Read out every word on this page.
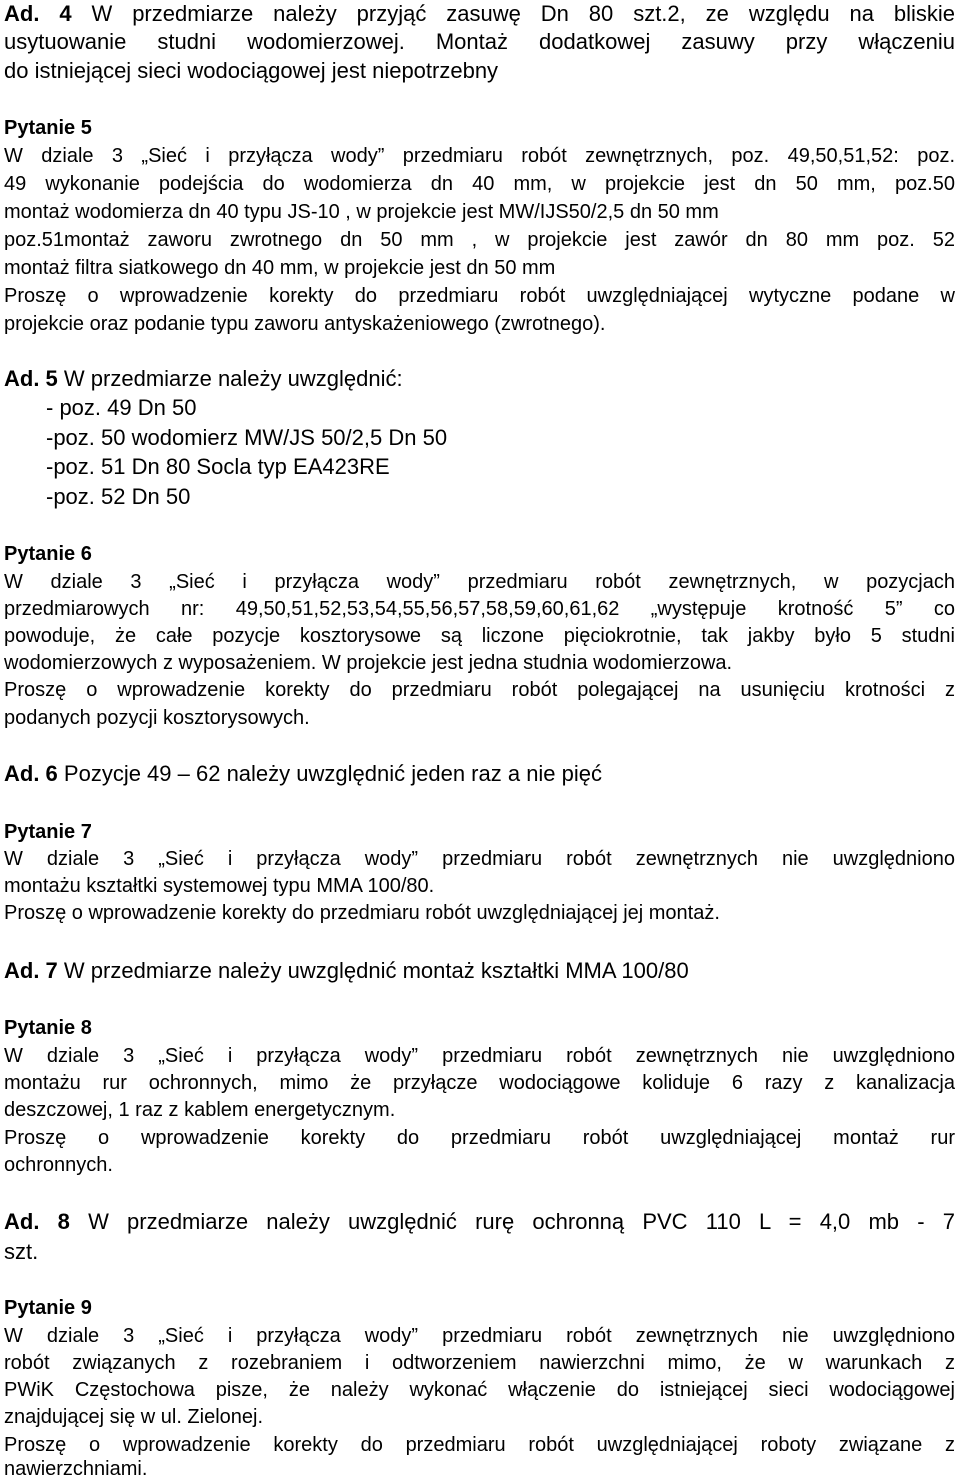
Ad. 4 W przedmiarze należy przyjąć zasuwę Dn 80 szt.2, ze względu na bliskie
usytuowanie studni wodomierzowej. Montaż dodatkowej zasuwy przy włączeniu
do istniejącej sieci wodociągowej jest niepotrzebny
Pytanie 5
W dziale 3 „Sieć i przyłącza wody” przedmiaru robót zewnętrznych, poz. 49,50,51,52: poz.
49 wykonanie podejścia do wodomierza dn 40 mm, w projekcie jest dn 50 mm, poz.50
montaż wodomierza dn 40 typu JS-10 , w projekcie jest MW/IJS50/2,5 dn 50 mm
poz.51montaż zaworu zwrotnego dn 50 mm , w projekcie jest zawór dn 80 mm poz. 52
montaż filtra siatkowego dn 40 mm, w projekcie jest dn 50 mm
Proszę o wprowadzenie korekty do przedmiaru robót uwzględniającej wytyczne podane w
projekcie oraz podanie typu zaworu antyskażeniowego (zwrotnego).
Ad. 5 W przedmiarze należy uwzględnić:
- poz. 49 Dn 50
-poz. 50 wodomierz MW/JS 50/2,5 Dn 50
-poz. 51 Dn 80 Socla typ EA423RE
-poz. 52 Dn 50
Pytanie 6
W dziale 3 „Sieć i przyłącza wody” przedmiaru robót zewnętrznych, w pozycjach
przedmiarowych nr: 49,50,51,52,53,54,55,56,57,58,59,60,61,62 „występuje krotność 5” co
powoduje, że całe pozycje kosztorysowe są liczone pięciokrotnie, tak jakby było 5 studni
wodomierzowych z wyposażeniem. W projekcie jest jedna studnia wodomierzowa.
Proszę o wprowadzenie korekty do przedmiaru robót polegającej na usunięciu krotności z
podanych pozycji kosztorysowych.
Ad. 6 Pozycje 49 – 62 należy uwzględnić jeden raz a nie pięć
Pytanie 7
W dziale 3 „Sieć i przyłącza wody” przedmiaru robót zewnętrznych nie uwzględniono
montażu kształtki systemowej typu MMA 100/80.
Proszę o wprowadzenie korekty do przedmiaru robót uwzględniającej jej montaż.
Ad. 7 W przedmiarze należy uwzględnić montaż kształtki MMA 100/80
Pytanie 8
W dziale 3 „Sieć i przyłącza wody” przedmiaru robót zewnętrznych nie uwzględniono
montażu rur ochronnych, mimo że przyłącze wodociągowe koliduje 6 razy z kanalizacja
deszczowej, 1 raz z kablem energetycznym.
Proszę o wprowadzenie korekty do przedmiaru robót uwzględniającej montaż rur
ochronnych.
Ad. 8 W przedmiarze należy uwzględnić rurę ochronną PVC 110 L = 4,0 mb - 7
szt.
Pytanie 9
W dziale 3 „Sieć i przyłącza wody” przedmiaru robót zewnętrznych nie uwzględniono
robót związanych z rozebraniem i odtworzeniem nawierzchni mimo, że w warunkach z
PWiK Częstochowa pisze, że należy wykonać włączenie do istniejącej sieci wodociągowej
znajdującej się w ul. Zielonej.
Proszę o wprowadzenie korekty do przedmiaru robót uwzględniającej roboty związane z
nawierzchniami.
